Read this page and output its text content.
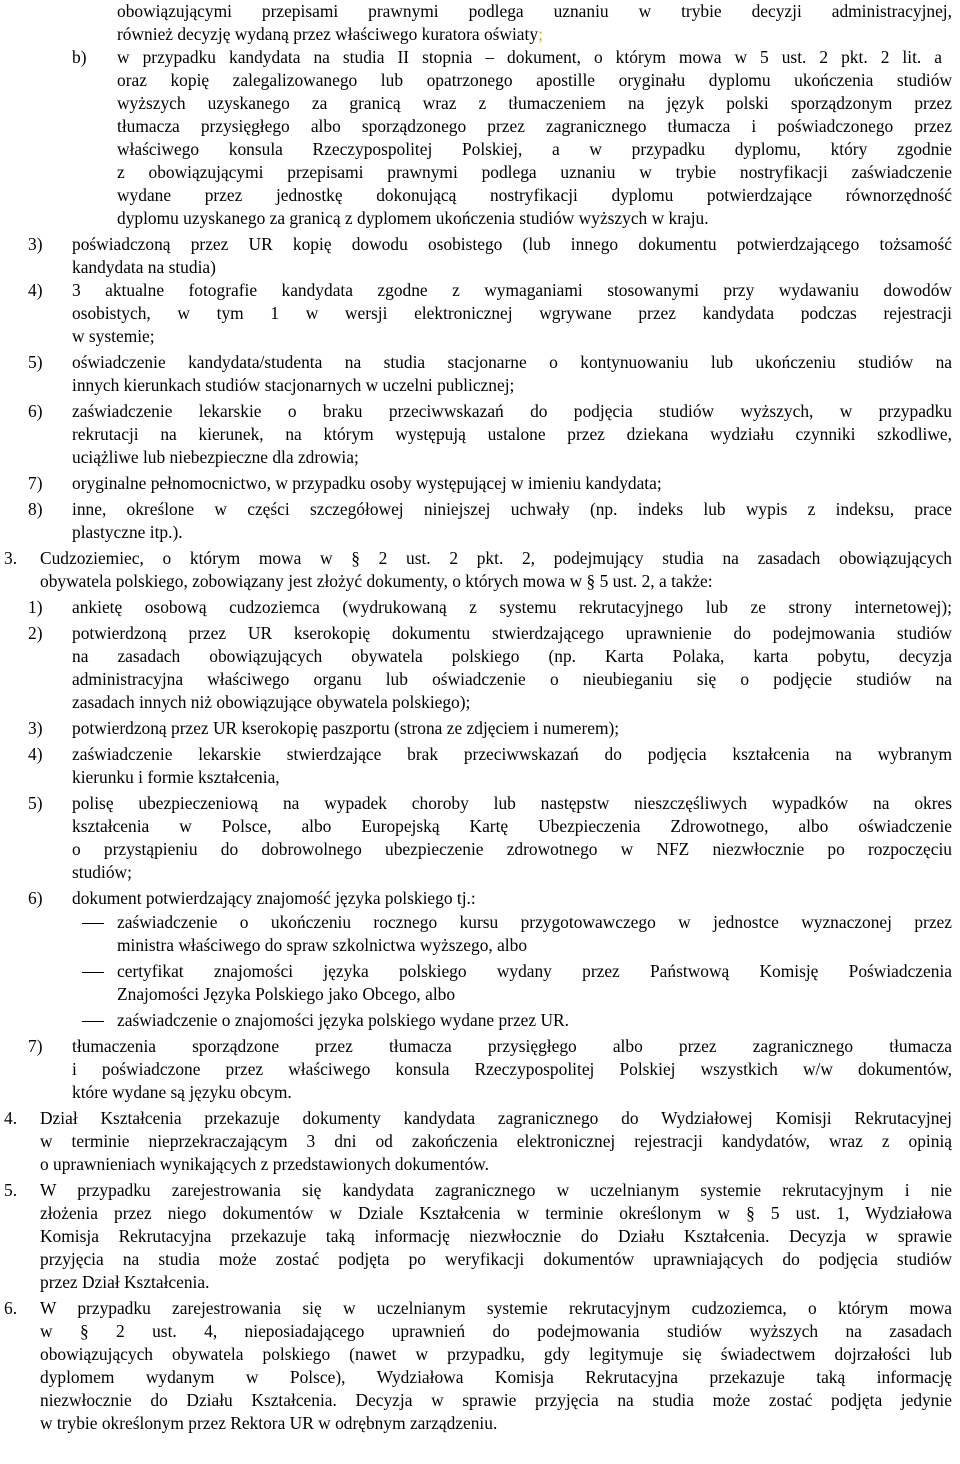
obowiązującymi przepisami prawnymi podlega uznaniu w trybie decyzji administracyjnej,
również decyzję wydaną przez właściwego kuratora oświaty;
b) w przypadku kandydata na studia II stopnia – dokument, o którym mowa w 5 ust. 2 pkt. 2 lit. a
oraz kopię zalegalizowanego lub opatrzonego apostille oryginału dyplomu ukończenia studiów
wyższych uzyskanego za granicą wraz z tłumaczeniem na język polski sporządzonym przez
tłumacza przysięgłego albo sporządzonego przez zagranicznego tłumacza i poświadczonego przez
właściwego konsula Rzeczypospolitej Polskiej, a w przypadku dyplomu, który zgodnie
z obowiązującymi przepisami prawnymi podlega uznaniu w trybie nostryfikacji zaświadczenie
wydane przez jednostkę dokonującą nostryfikacji dyplomu potwierdzające równorzędność
dyplomu uzyskanego za granicą z dyplomem ukończenia studiów wyższych w kraju.
3) poświadczoną przez UR kopię dowodu osobistego (lub innego dokumentu potwierdzającego tożsamość
kandydata na studia)
4) 3 aktualne fotografie kandydata zgodne z wymaganiami stosowanymi przy wydawaniu dowodów
osobistych, w tym 1 w wersji elektronicznej wgrywane przez kandydata podczas rejestracji
w systemie;
5) oświadczenie kandydata/studenta na studia stacjonarne o kontynuowaniu lub ukończeniu studiów na
innych kierunkach studiów stacjonarnych w uczelni publicznej;
6) zaświadczenie lekarskie o braku przeciwwskazań do podjęcia studiów wyższych, w przypadku
rekrutacji na kierunek, na którym występują ustalone przez dziekana wydziału czynniki szkodliwe,
uciążliwe lub niebezpieczne dla zdrowia;
7) oryginalne pełnomocnictwo, w przypadku osoby występującej w imieniu kandydata;
8) inne, określone w części szczegółowej niniejszej uchwały (np. indeks lub wypis z indeksu, prace
plastyczne itp.).
3. Cudzoziemiec, o którym mowa w § 2 ust. 2 pkt. 2, podejmujący studia na zasadach obowiązujących
obywatela polskiego, zobowiązany jest złożyć dokumenty, o których mowa w § 5 ust. 2, a także:
1) ankietę osobową cudzoziemca (wydrukowaną z systemu rekrutacyjnego lub ze strony internetowej);
2) potwierdzoną przez UR kserokopię dokumentu stwierdzającego uprawnienie do podejmowania studiów
na zasadach obowiązujących obywatela polskiego (np. Karta Polaka, karta pobytu, decyzja
administracyjna właściwego organu lub oświadczenie o nieubieganiu się o podjęcie studiów na
zasadach innych niż obowiązujące obywatela polskiego);
3) potwierdzoną przez UR kserokopię paszportu (strona ze zdjęciem i numerem);
4) zaświadczenie lekarskie stwierdzające brak przeciwwskazań do podjęcia kształcenia na wybranym
kierunku i formie kształcenia,
5) polisę ubezpieczeniową na wypadek choroby lub następstw nieszczęśliwych wypadków na okres
kształcenia w Polsce, albo Europejską Kartę Ubezpieczenia Zdrowotnego, albo oświadczenie
o przystąpieniu do dobrowolnego ubezpieczenie zdrowotnego w NFZ niezwłocznie po rozpoczęciu
studiów;
6) dokument potwierdzający znajomość języka polskiego tj.:
zaświadczenie o ukończeniu rocznego kursu przygotowawczego w jednostce wyznaczonej przez
ministra właściwego do spraw szkolnictwa wyższego, albo
certyfikat znajomości języka polskiego wydany przez Państwową Komisję Poświadczenia
Znajomości Języka Polskiego jako Obcego, albo
zaświadczenie o znajomości języka polskiego wydane przez UR.
7) tłumaczenia sporządzone przez tłumacza przysięgłego albo przez zagranicznego tłumacza
i poświadczone przez właściwego konsula Rzeczypospolitej Polskiej wszystkich w/w dokumentów,
które wydane są języku obcym.
4. Dział Kształcenia przekazuje dokumenty kandydata zagranicznego do Wydziałowej Komisji Rekrutacyjnej
w terminie nieprzekraczającym 3 dni od zakończenia elektronicznej rejestracji kandydatów, wraz z opinią
o uprawnieniach wynikających z przedstawionych dokumentów.
5. W przypadku zarejestrowania się kandydata zagranicznego w uczelnianym systemie rekrutacyjnym i nie
złożenia przez niego dokumentów w Dziale Kształcenia w terminie określonym w § 5 ust. 1, Wydziałowa
Komisja Rekrutacyjna przekazuje taką informację niezwłocznie do Działu Kształcenia. Decyzja w sprawie
przyjęcia na studia może zostać podjęta po weryfikacji dokumentów uprawniających do podjęcia studiów
przez Dział Kształcenia.
6. W przypadku zarejestrowania się w uczelnianym systemie rekrutacyjnym cudzoziemca, o którym mowa
w § 2 ust. 4, nieposiadającego uprawnień do podejmowania studiów wyższych na zasadach
obowiązujących obywatela polskiego (nawet w przypadku, gdy legitymuje się świadectwem dojrzałości lub
dyplomem wydanym w Polsce), Wydziałowa Komisja Rekrutacyjna przekazuje taką informację
niezwłocznie do Działu Kształcenia. Decyzja w sprawie przyjęcia na studia może zostać podjęta jedynie
w trybie określonym przez Rektora UR w odrębnym zarządzeniu.
